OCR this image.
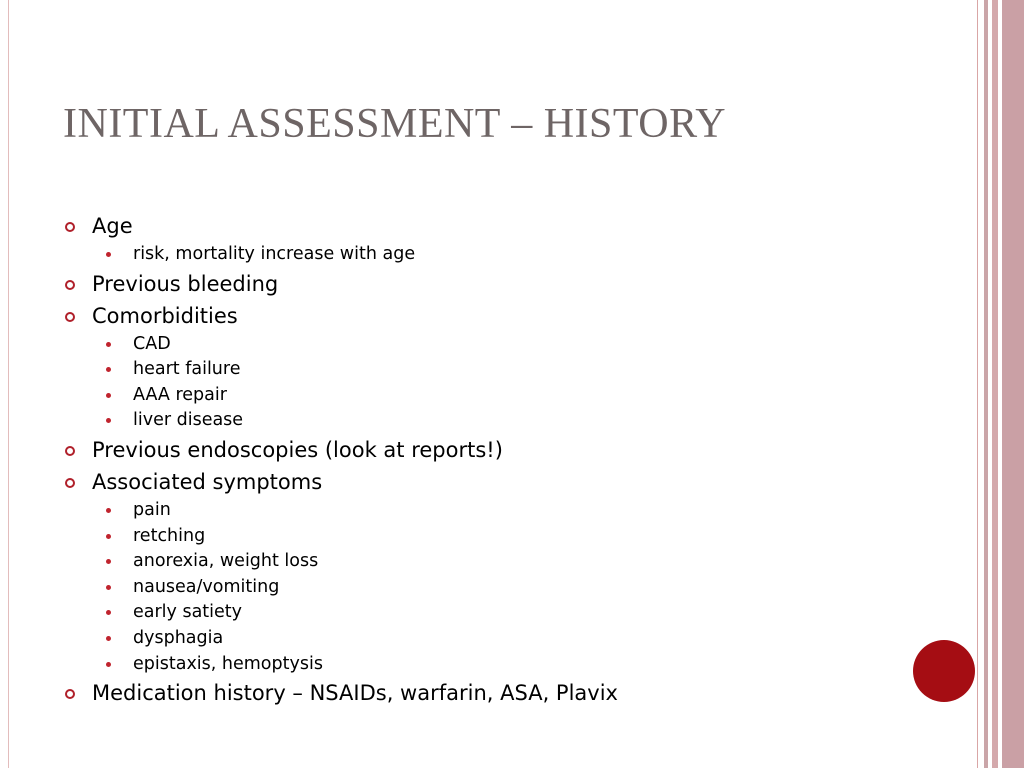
INITIAL ASSESSMENT – HISTORY
Age
risk, mortality increase with age
Previous bleeding
Comorbidities
CAD
heart failure
AAA repair
liver disease
Previous endoscopies (look at reports!)
Associated symptoms
pain
retching
anorexia, weight loss
nausea/vomiting
early satiety
dysphagia
epistaxis, hemoptysis
Medication history – NSAIDs, warfarin, ASA, Plavix
